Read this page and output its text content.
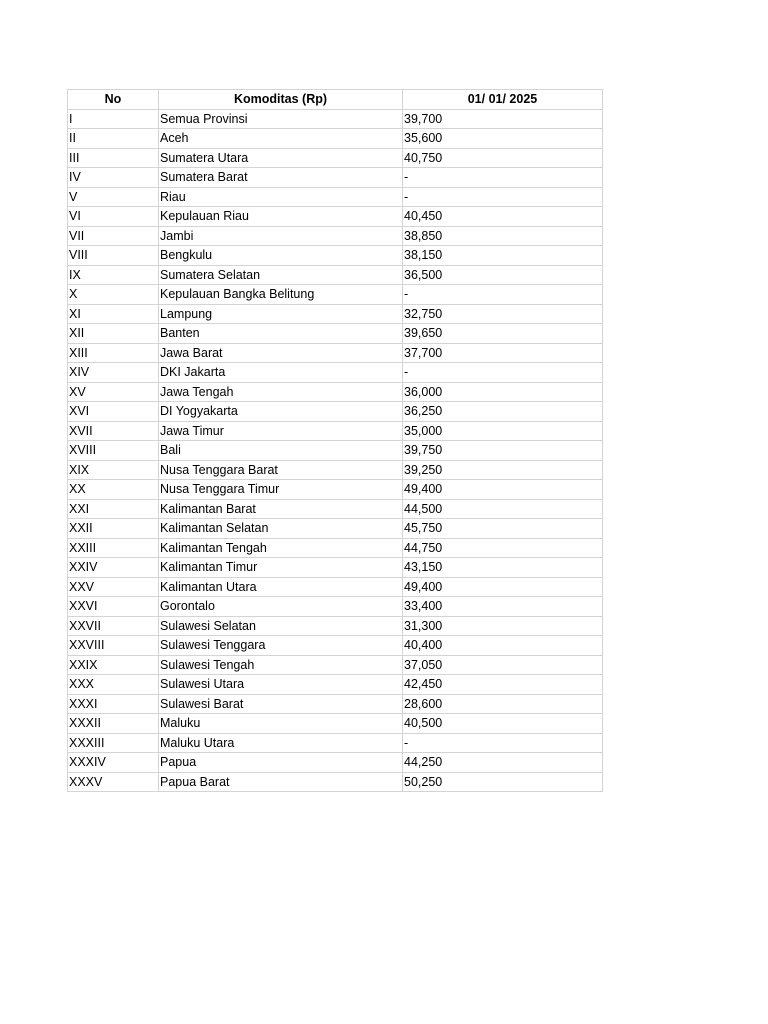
No	Komoditas (Rp)	01/ 01/ 2025
I	Semua Provinsi	39,700
II	Aceh	35,600
III	Sumatera Utara	40,750
IV	Sumatera Barat	-
V	Riau	-
VI	Kepulauan Riau	40,450
VII	Jambi	38,850
VIII	Bengkulu	38,150
IX	Sumatera Selatan	36,500
X	Kepulauan Bangka Belitung	-
XI	Lampung	32,750
XII	Banten	39,650
XIII	Jawa Barat	37,700
XIV	DKI Jakarta	-
XV	Jawa Tengah	36,000
XVI	DI Yogyakarta	36,250
XVII	Jawa Timur	35,000
XVIII	Bali	39,750
XIX	Nusa Tenggara Barat	39,250
XX	Nusa Tenggara Timur	49,400
XXI	Kalimantan Barat	44,500
XXII	Kalimantan Selatan	45,750
XXIII	Kalimantan Tengah	44,750
XXIV	Kalimantan Timur	43,150
XXV	Kalimantan Utara	49,400
XXVI	Gorontalo	33,400
XXVII	Sulawesi Selatan	31,300
XXVIII	Sulawesi Tenggara	40,400
XXIX	Sulawesi Tengah	37,050
XXX	Sulawesi Utara	42,450
XXXI	Sulawesi Barat	28,600
XXXII	Maluku	40,500
XXXIII	Maluku Utara	-
XXXIV	Papua	44,250
XXXV	Papua Barat	50,250
